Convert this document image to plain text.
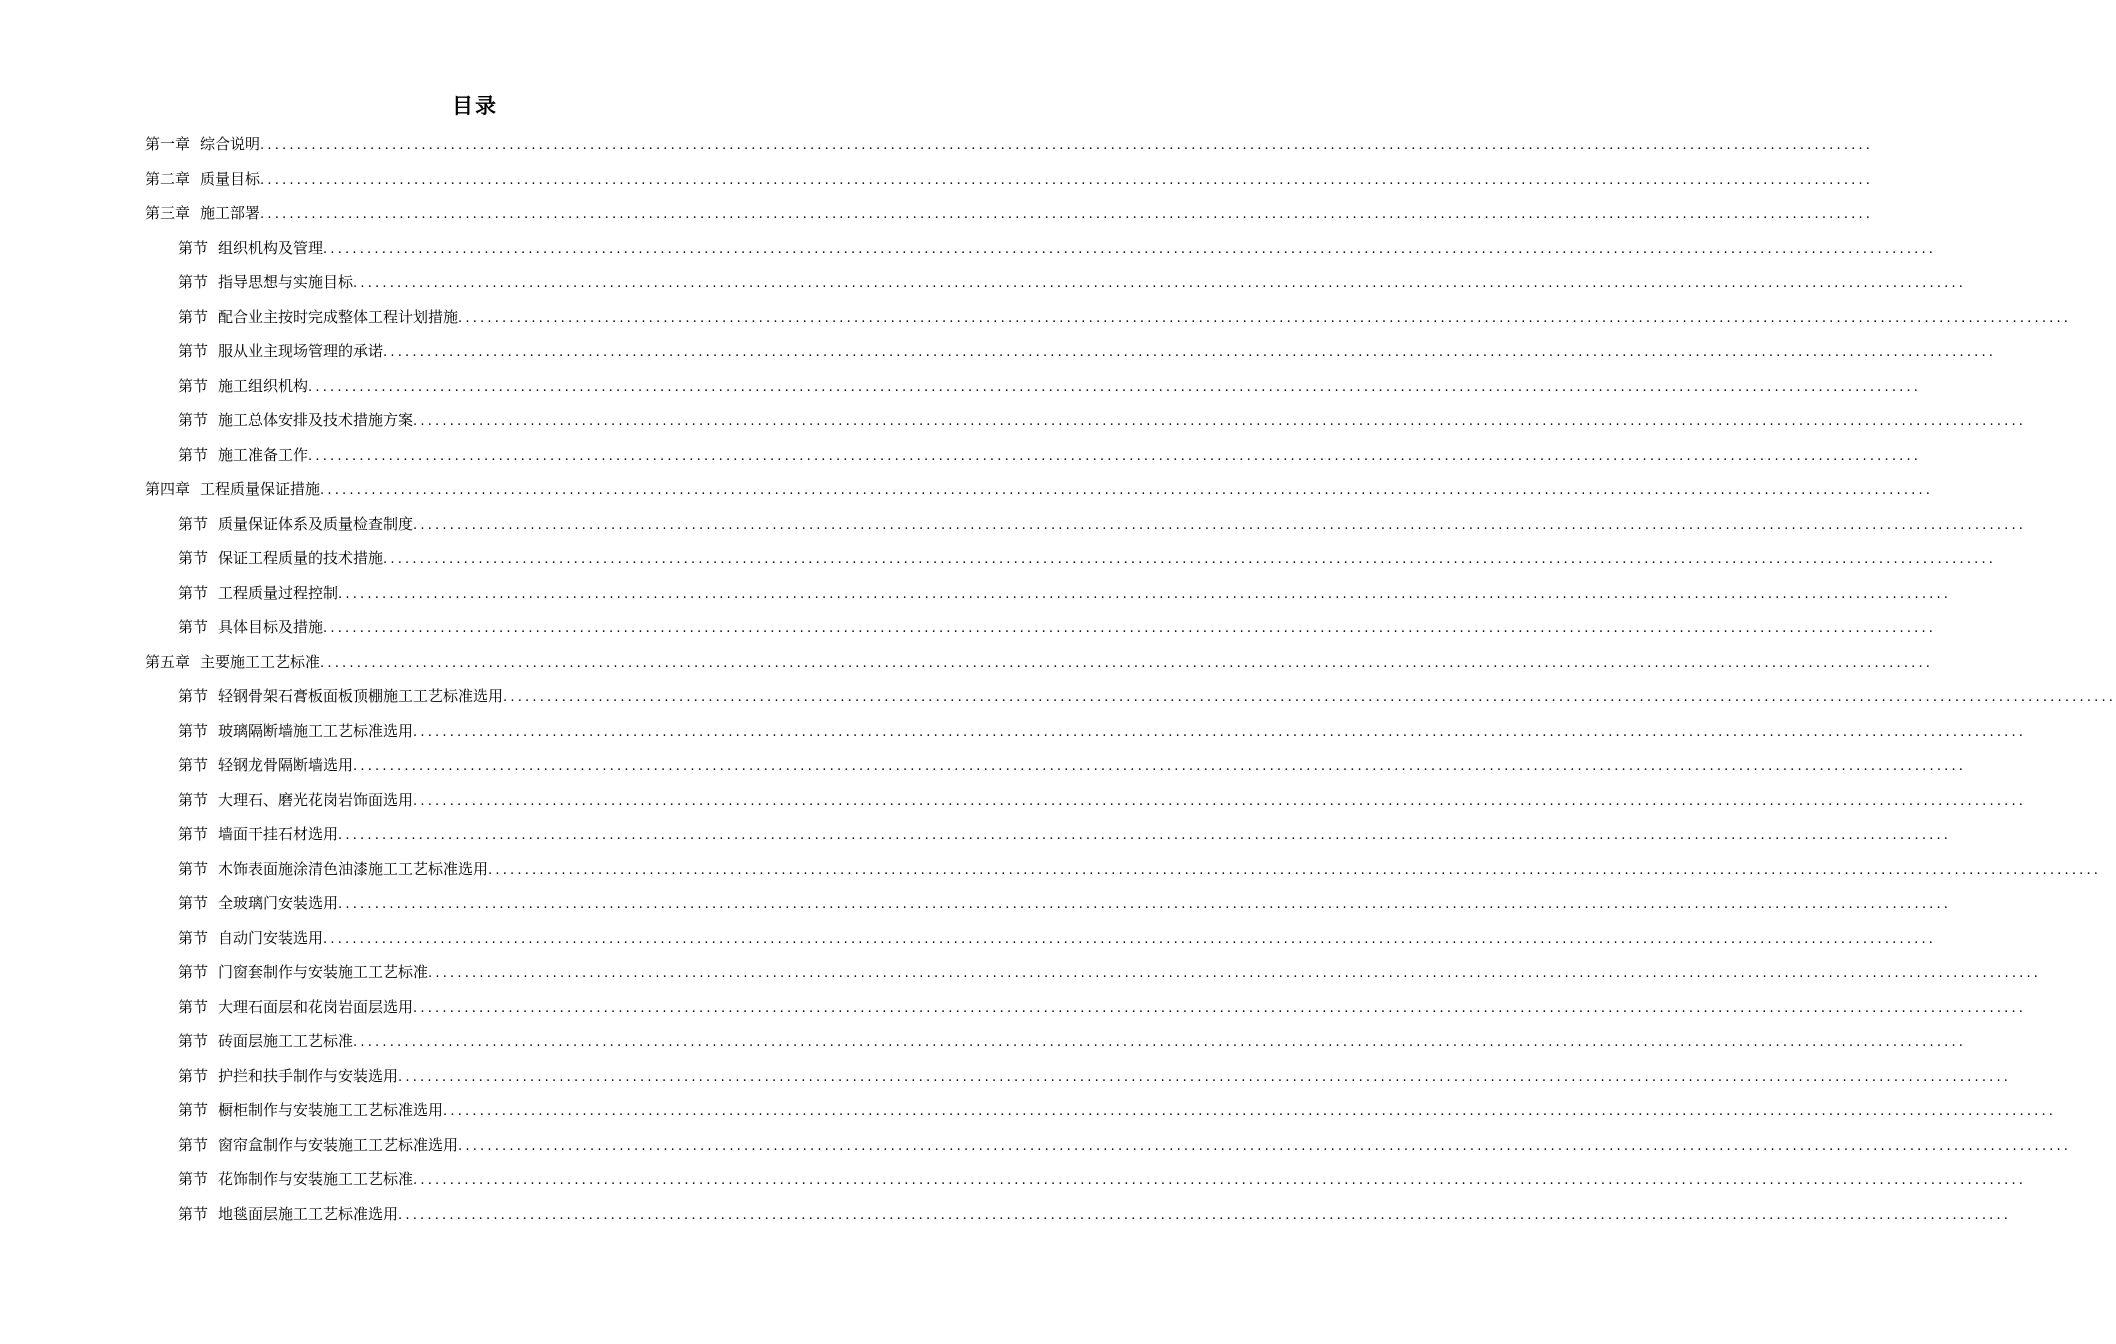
目录
第一章 综合说明 ............................................................................................................................................................................................................................
第二章 质量目标 ............................................................................................................................................................................................................................
第三章 施工部署 ............................................................................................................................................................................................................................
第节 组织机构及管理 ............................................................................................................................................................................................................................
第节 指导思想与实施目标 ............................................................................................................................................................................................................................
第节 配合业主按时完成整体工程计划措施 ............................................................................................................................................................................................................................
第节 服从业主现场管理的承诺 ............................................................................................................................................................................................................................
第节 施工组织机构 ............................................................................................................................................................................................................................
第节 施工总体安排及技术措施方案 ............................................................................................................................................................................................................................
第节 施工准备工作 ............................................................................................................................................................................................................................
第四章 工程质量保证措施 ............................................................................................................................................................................................................................
第节 质量保证体系及质量检查制度 ............................................................................................................................................................................................................................
第节 保证工程质量的技术措施 ............................................................................................................................................................................................................................
第节 工程质量过程控制 ............................................................................................................................................................................................................................
第节 具体目标及措施 ............................................................................................................................................................................................................................
第五章 主要施工工艺标准 ............................................................................................................................................................................................................................
第节 轻钢骨架石膏板面板顶棚施工工艺标准选用 ............................................................................................................................................................................................................................
第节 玻璃隔断墙施工工艺标准选用 ............................................................................................................................................................................................................................
第节 轻钢龙骨隔断墙选用 ............................................................................................................................................................................................................................
第节 大理石、磨光花岗岩饰面选用 ............................................................................................................................................................................................................................
第节 墙面干挂石材选用 ............................................................................................................................................................................................................................
第节 木饰表面施涂清色油漆施工工艺标准选用 ............................................................................................................................................................................................................................
第节 全玻璃门安装选用 ............................................................................................................................................................................................................................
第节 自动门安装选用 ............................................................................................................................................................................................................................
第节 门窗套制作与安装施工工艺标准 ............................................................................................................................................................................................................................
第节 大理石面层和花岗岩面层选用 ............................................................................................................................................................................................................................
第节 砖面层施工工艺标准 ............................................................................................................................................................................................................................
第节 护拦和扶手制作与安装选用 ............................................................................................................................................................................................................................
第节 橱柜制作与安装施工工艺标准选用 ............................................................................................................................................................................................................................
第节 窗帘盒制作与安装施工工艺标准选用 ............................................................................................................................................................................................................................
第节 花饰制作与安装施工工艺标准 ............................................................................................................................................................................................................................
第节 地毯面层施工工艺标准选用 ............................................................................................................................................................................................................................
